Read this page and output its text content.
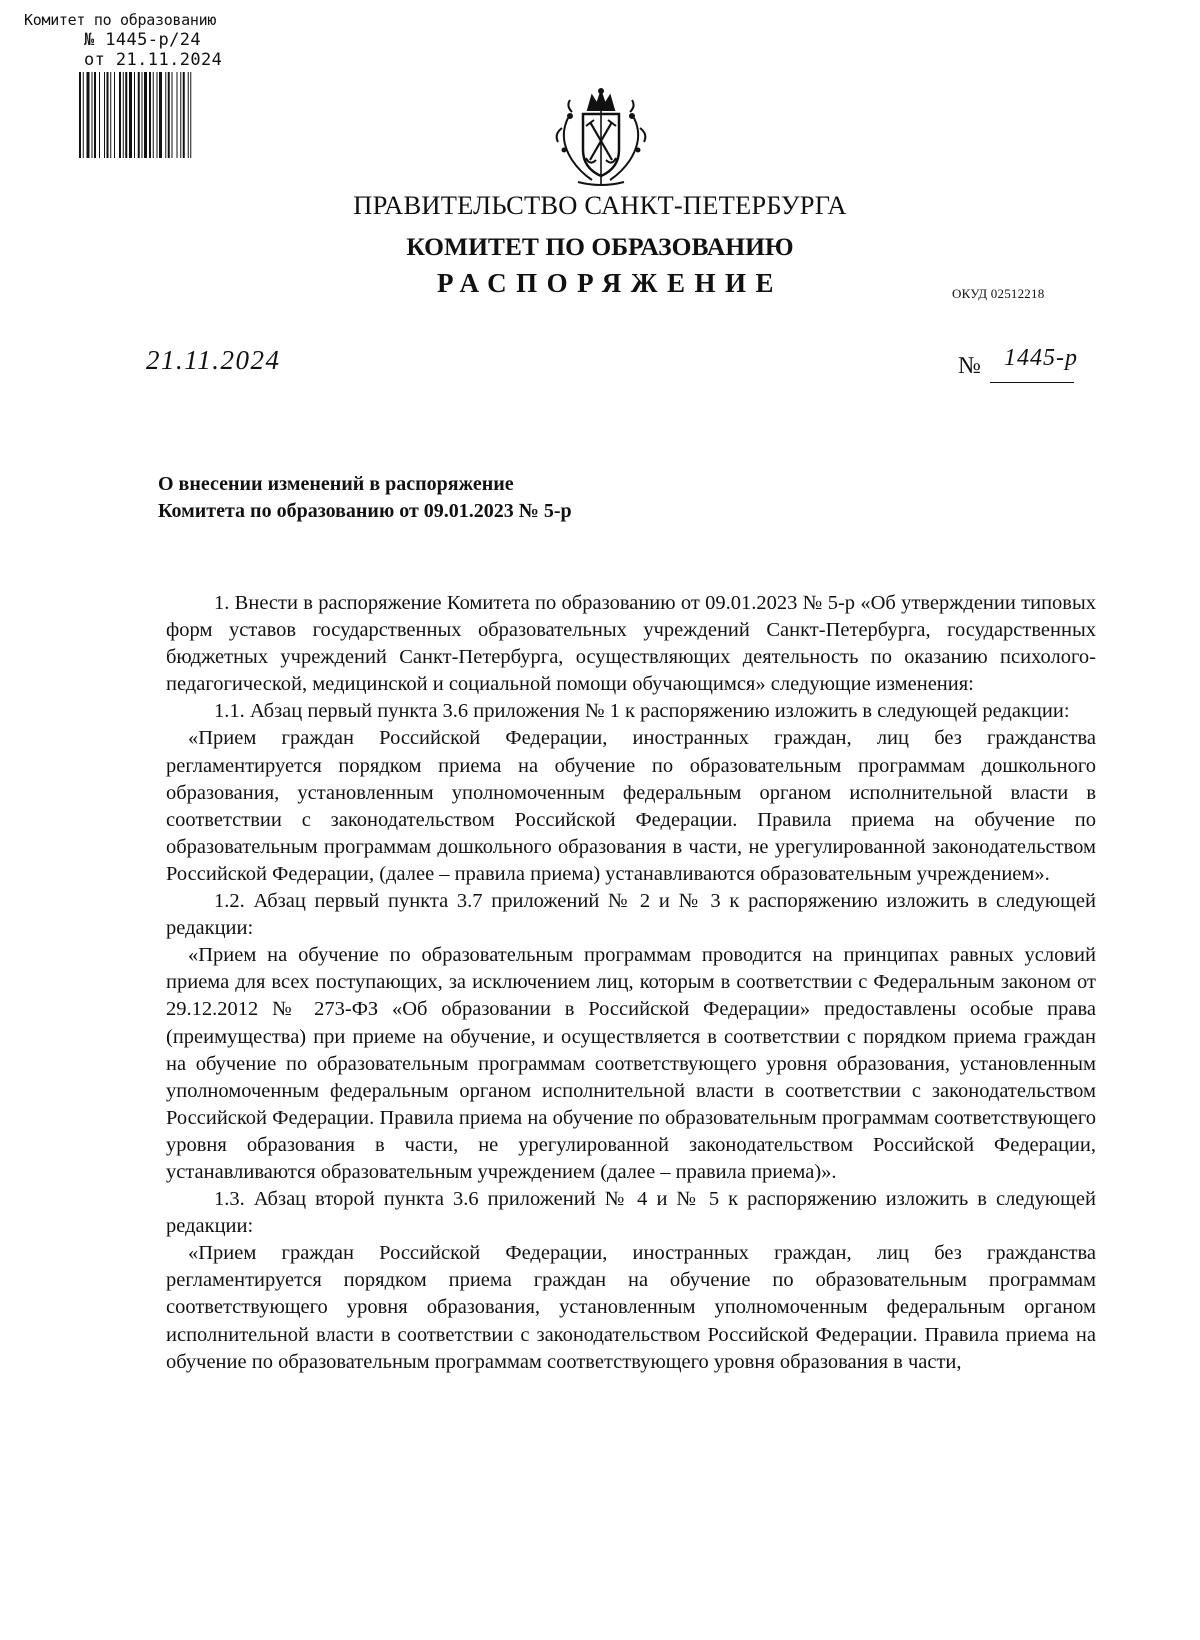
Комитет по образованию
№ 1445-р/24
от 21.11.2024
ПРАВИТЕЛЬСТВО САНКТ-ПЕТЕРБУРГА
КОМИТЕТ ПО ОБРАЗОВАНИЮ
РАСПОРЯЖЕНИЕ	ОКУД 02512218
21.11.2024	№ 1445-р
О внесении изменений в распоряжение
Комитета по образованию от 09.01.2023 № 5-р

1. Внести в распоряжение Комитета по образованию от 09.01.2023 № 5-р «Об утверждении типовых форм уставов государственных образовательных учреждений Санкт-Петербурга, государственных бюджетных учреждений Санкт-Петербурга, осуществляющих деятельность по оказанию психолого-педагогической, медицинской и социальной помощи обучающимся» следующие изменения:

1.1. Абзац первый пункта 3.6 приложения № 1 к распоряжению изложить в следующей редакции:

«Прием граждан Российской Федерации, иностранных граждан, лиц без гражданства регламентируется порядком приема на обучение по образовательным программам дошкольного образования, установленным уполномоченным федеральным органом исполнительной власти в соответствии с законодательством Российской Федерации. Правила приема на обучение по образовательным программам дошкольного образования в части, не урегулированной законодательством Российской Федерации, (далее – правила приема) устанавливаются образовательным учреждением».

1.2. Абзац первый пункта 3.7 приложений № 2 и № 3 к распоряжению изложить в следующей редакции:

«Прием на обучение по образовательным программам проводится на принципах равных условий приема для всех поступающих, за исключением лиц, которым в соответствии с Федеральным законом от 29.12.2012 № 273-ФЗ «Об образовании в Российской Федерации» предоставлены особые права (преимущества) при приеме на обучение, и осуществляется в соответствии с порядком приема граждан на обучение по образовательным программам соответствующего уровня образования, установленным уполномоченным федеральным органом исполнительной власти в соответствии с законодательством Российской Федерации. Правила приема на обучение по образовательным программам соответствующего уровня образования в части, не урегулированной законодательством Российской Федерации, устанавливаются образовательным учреждением (далее – правила приема)».

1.3. Абзац второй пункта 3.6 приложений № 4 и № 5 к распоряжению изложить в следующей редакции:

«Прием граждан Российской Федерации, иностранных граждан, лиц без гражданства регламентируется порядком приема граждан на обучение по образовательным программам соответствующего уровня образования, установленным уполномоченным федеральным органом исполнительной власти в соответствии с законодательством Российской Федерации. Правила приема на обучение по образовательным программам соответствующего уровня образования в части,
